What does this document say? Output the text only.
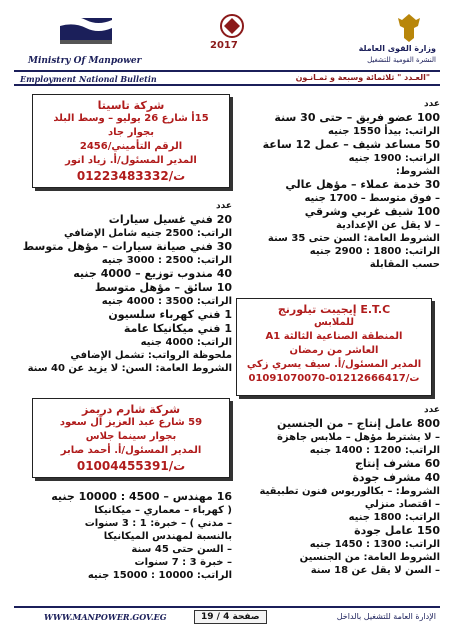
Ministry Of Manpower
2017	وزارة القوى العاملة
النشرة القومية للتشغيل
Employment National Bulletin	العـدد " ثلاثمائة وسبعة و ثمـانـون"
عدد
100 عضو فريق – حتى 30 سنة
الراتب: بيدأ 1550 جنيه
50 مساعد شيف – عمل 12 ساعة
الراتب: 1900 جنيه
الشروط:
30 خدمة عملاء – مؤهل عالي
– فوق متوسط – 1700 جنيه
100 شيف غربي وشرقي
– لا يقل عن الإعدادية
الشروط العامة: السن حتى 35 سنة
الراتب: 1800 : 2900 جنيه
حسب المقابلة
شركة تاسيتا
15أ شارع 26 يوليو – وسط البلد
بجوار جاد
الرقم التأميني/2456
المدير المسئول/أ. زياد انور
ت/01223483332
عدد
20 فني غسيل سيارات
الراتب: 2500 جنيه شامل الإضافي
30 فني صيانة سيارات – مؤهل متوسط
الراتب: 2500 : 3000 جنيه
40 مندوب توزيع – 4000 جنيه
10 سائق – مؤهل متوسط
الراتب: 3500 : 4000 جنيه
1 فني كهرباء سلسيون
1 فني ميكانيكا عامة
الراتب: 4000 جنيه
ملحوظة الرواتب: تشمل الإضافي
الشروط العامة: السن: لا يزيد عن 40 سنة
E.T.C إيجيبت تيلورنج
للملابس
المنطقة الصناعية الثالثة A1
العاشر من رمضان
المدير المسئول/أ. سيف يسري زكي
ت/01212666417-01091070070
شركة شارم دريمز
59 شارع عبد العزيز آل سعود
بجوار سينما جلاس
المدير المسئول/أ. أحمد صابر
ت/01004455391
عدد
800 عامل إنتاج – من الجنسين
– لا يشترط مؤهل – ملابس جاهزة
الراتب: 1200 : 1400 جنيه
60 مشرف إنتاج
40 مشرف جودة
الشروط: – بكالوريوس فنون تطبيقية
– اقتصاد منزلي
الراتب: 1800 جنيه
150 عامل جودة
الراتب: 1300 : 1450 جنيه
الشروط العامة: من الجنسين
– السن لا يقل عن 18 سنة
16 مهندس – 4500 : 10000 جنيه
( كهرباء – معماري – ميكانيكا
– مدني ) – خبرة: 1 : 3 سنوات
بالنسبة لمهندس الميكانيكا
– السن حتى 45 سنة
– خبرة 3 : 7 سنوات
الراتب: 10000 : 15000 جنيه
WWW.MANPOWER.GOV.EG	صفحة 4 / 19	الإدارة العامة للتشغيل بالداخل
